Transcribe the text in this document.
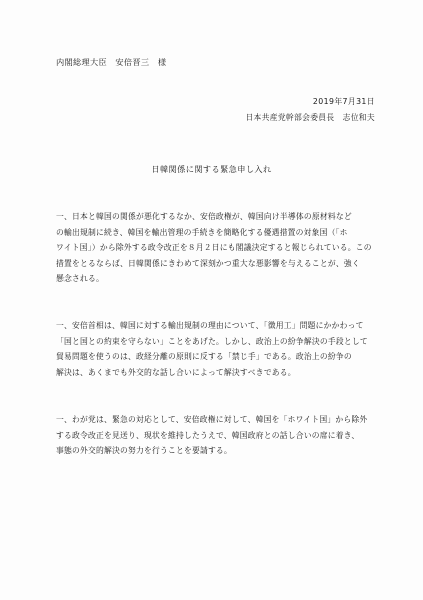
内閣総理大臣　安倍晋三　様
2019年7月31日
日本共産党幹部会委員長　志位和夫
日韓関係に関する緊急申し入れ
一、日本と韓国の関係が悪化するなか、安倍政権が、韓国向け半導体の原材料など
の輸出規制に続き、韓国を輸出管理の手続きを簡略化する優遇措置の対象国（「ホ
ワイト国」）から除外する政令改正を８月２日にも閣議決定すると報じられている。この
措置をとるならば、日韓関係にきわめて深刻かつ重大な悪影響を与えることが、強く
懸念される。
一、安倍首相は、韓国に対する輸出規制の理由について、「徴用工」問題にかかわって
「国と国との約束を守らない」ことをあげた。しかし、政治上の紛争解決の手段として
貿易問題を使うのは、政経分離の原則に反する「禁じ手」である。政治上の紛争の
解決は、あくまでも外交的な話し合いによって解決すべきである。
一、わが党は、緊急の対応として、安倍政権に対して、韓国を「ホワイト国」から除外
する政令改正を見送り、現状を維持したうえで、韓国政府との話し合いの席に着き、
事態の外交的解決の努力を行うことを要請する。
